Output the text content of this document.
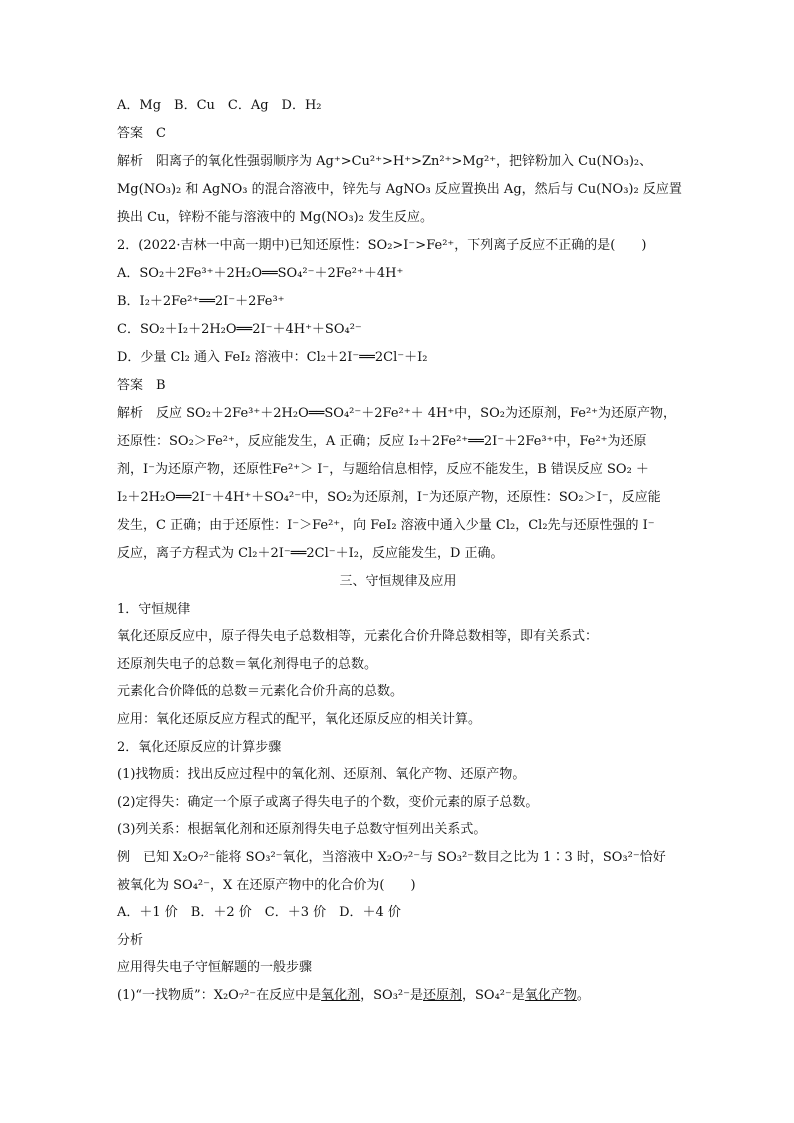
A．Mg　B．Cu　C．Ag　D．H₂
答案　C
解析　阳离子的氧化性强弱顺序为 Ag⁺>Cu²⁺>H⁺>Zn²⁺>Mg²⁺，把锌粉加入 Cu(NO₃)₂、
Mg(NO₃)₂ 和 AgNO₃ 的混合溶液中，锌先与 AgNO₃ 反应置换出 Ag，然后与 Cu(NO₃)₂ 反应置
换出 Cu，锌粉不能与溶液中的 Mg(NO₃)₂ 发生反应。
2．(2022·吉林一中高一期中)已知还原性：SO₂>I⁻>Fe²⁺，下列离子反应不正确的是(　　)
A．SO₂＋2Fe³⁺＋2H₂O══SO₄²⁻＋2Fe²⁺＋4H⁺
B．I₂＋2Fe²⁺══2I⁻＋2Fe³⁺
C．SO₂＋I₂＋2H₂O══2I⁻＋4H⁺＋SO₄²⁻
D．少量 Cl₂ 通入 FeI₂ 溶液中：Cl₂＋2I⁻══2Cl⁻＋I₂
答案　B
解析　反应 SO₂＋2Fe³⁺＋2H₂O══SO₄²⁻＋2Fe²⁺＋ 4H⁺中，SO₂为还原剂，Fe²⁺为还原产物，
还原性：SO₂＞Fe²⁺，反应能发生，A 正确；反应 I₂＋2Fe²⁺══2I⁻＋2Fe³⁺中，Fe²⁺为还原
剂，I⁻为还原产物，还原性Fe²⁺＞ I⁻，与题给信息相悖，反应不能发生，B 错误反应 SO₂ ＋
I₂＋2H₂O══2I⁻＋4H⁺＋SO₄²⁻中，SO₂为还原剂，I⁻为还原产物，还原性：SO₂＞I⁻，反应能
发生，C 正确；由于还原性：I⁻＞Fe²⁺，向 FeI₂ 溶液中通入少量 Cl₂，Cl₂先与还原性强的 I⁻
反应，离子方程式为 Cl₂＋2I⁻══2Cl⁻＋I₂，反应能发生，D 正确。
三、守恒规律及应用
1．守恒规律
氧化还原反应中，原子得失电子总数相等，元素化合价升降总数相等，即有关系式：
还原剂失电子的总数＝氧化剂得电子的总数。
元素化合价降低的总数＝元素化合价升高的总数。
应用：氧化还原反应方程式的配平，氧化还原反应的相关计算。
2．氧化还原反应的计算步骤
(1)找物质：找出反应过程中的氧化剂、还原剂、氧化产物、还原产物。
(2)定得失：确定一个原子或离子得失电子的个数，变价元素的原子总数。
(3)列关系：根据氧化剂和还原剂得失电子总数守恒列出关系式。
例　已知 X₂O₇²⁻能将 SO₃²⁻氧化，当溶液中 X₂O₇²⁻与 SO₃²⁻数目之比为 1∶3 时，SO₃²⁻恰好
被氧化为 SO₄²⁻，X 在还原产物中的化合价为(　　)
A．＋1 价　B．＋2 价　C．＋3 价　D．＋4 价
分析
应用得失电子守恒解题的一般步骤
(1)“一找物质”：X₂O₇²⁻在反应中是氧化剂，SO₃²⁻是还原剂，SO₄²⁻是氧化产物。
